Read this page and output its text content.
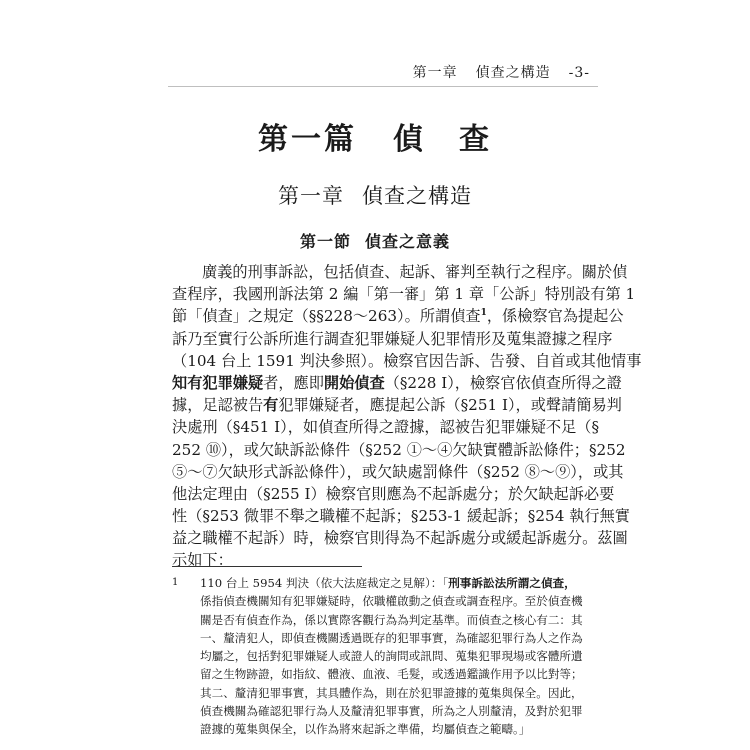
第一章 偵查之構造 -3-
第一篇 偵　查
第一章 偵查之構造
第一節 偵查之意義
廣義的刑事訴訟，包括偵查、起訴、審判至執行之程序。關於偵
查程序，我國刑訴法第 2 編「第一審」第 1 章「公訴」特別設有第 1
節「偵查」之規定（§§228～263）。所謂偵查$^1$，係檢察官為提起公
訴乃至實行公訴所進行調查犯罪嫌疑人犯罪情形及蒐集證據之程序
（104 台上 1591 判決參照）。檢察官因告訴、告發、自首或其他情事
知有犯罪嫌疑者，應即開始偵查（§228 I），檢察官依偵查所得之證
據，足認被告有犯罪嫌疑者，應提起公訴（§251 I），或聲請簡易判
決處刑（§451 I），如偵查所得之證據，認被告犯罪嫌疑不足（§
252 ⑩），或欠缺訴訟條件（§252 ①～④欠缺實體訴訟條件；§252
⑤～⑦欠缺形式訴訟條件），或欠缺處罰條件（§252 ⑧～⑨），或其
他法定理由（§255 I）檢察官則應為不起訴處分；於欠缺起訴必要
性（§253 微罪不舉之職權不起訴；§253-1 緩起訴；§254 執行無實
益之職權不起訴）時，檢察官則得為不起訴處分或緩起訴處分。茲圖
示如下：
1 110 台上 5954 判決（依大法庭裁定之見解）：「刑事訴訟法所謂之偵查，
係指偵查機關知有犯罪嫌疑時，依職權啟動之偵查或調查程序。至於偵查機
關是否有偵查作為，係以實際客觀行為為判定基準。而偵查之核心有二：其
一、釐清犯人，即偵查機關透過既存的犯罪事實，為確認犯罪行為人之作為
均屬之，包括對犯罪嫌疑人或證人的詢問或訊問、蒐集犯罪現場或客體所遺
留之生物跡證，如指紋、體液、血液、毛髮，或透過鑑識作用予以比對等；
其二、釐清犯罪事實，其具體作為，則在於犯罪證據的蒐集與保全。因此，
偵查機關為確認犯罪行為人及釐清犯罪事實，所為之人別釐清，及對於犯罪
證據的蒐集與保全，以作為將來起訴之準備，均屬偵查之範疇。」
